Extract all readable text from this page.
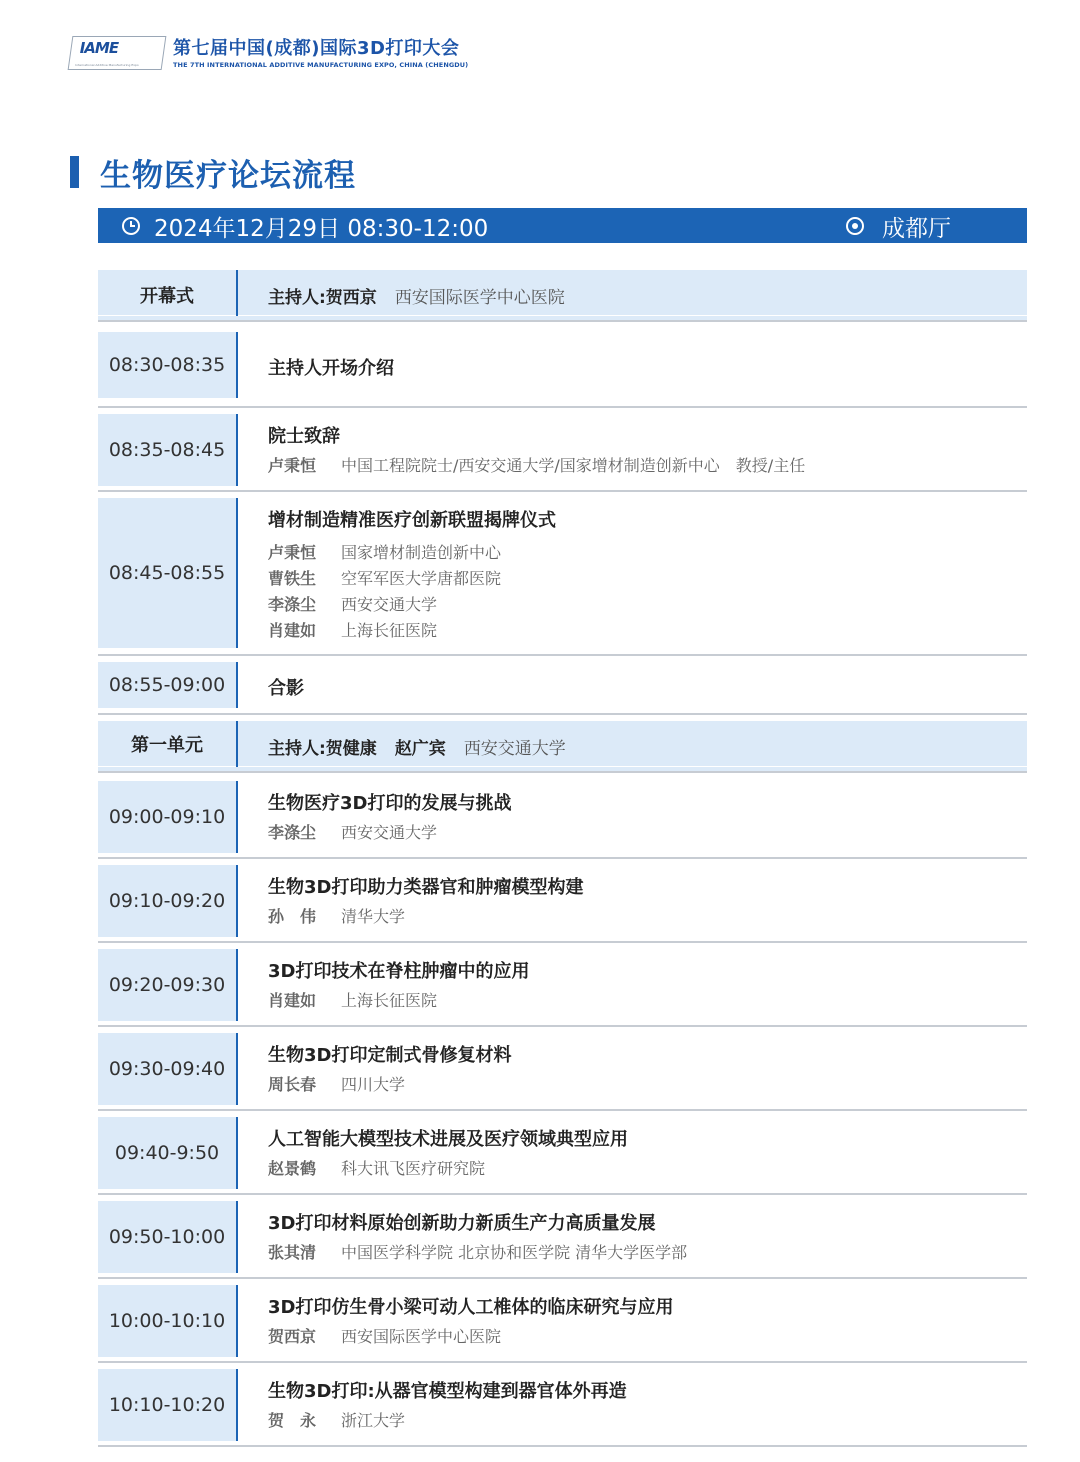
IAME
International Additive Manufacturing Expo
第七届中国(成都)国际3D打印大会
THE 7TH INTERNATIONAL ADDITIVE MANUFACTURING EXPO, CHINA (CHENGDU)
生物医疗论坛流程
2024年12月29日 08:30-12:00	成都厅
开幕式	主持人:贺西京 西安国际医学中心医院
08:30-08:35	主持人开场介绍
08:35-08:45
院士致辞
卢秉恒 中国工程院院士/西安交通大学/国家增材制造创新中心 教授/主任
08:45-08:55
增材制造精准医疗创新联盟揭牌仪式
卢秉恒 国家增材制造创新中心
曹铁生 空军军医大学唐都医院
李涤尘 西安交通大学
肖建如 上海长征医院
08:55-09:00	合影
第一单元	主持人:贺健康 赵广宾 西安交通大学
09:00-09:10
生物医疗3D打印的发展与挑战
李涤尘 西安交通大学
09:10-09:20
生物3D打印助力类器官和肿瘤模型构建
孙　伟 清华大学
09:20-09:30
3D打印技术在脊柱肿瘤中的应用
肖建如 上海长征医院
09:30-09:40
生物3D打印定制式骨修复材料
周长春 四川大学
09:40-9:50
人工智能大模型技术进展及医疗领域典型应用
赵景鹤 科大讯飞医疗研究院
09:50-10:00
3D打印材料原始创新助力新质生产力高质量发展
张其清 中国医学科学院 北京协和医学院 清华大学医学部
10:00-10:10
3D打印仿生骨小梁可动人工椎体的临床研究与应用
贺西京 西安国际医学中心医院
10:10-10:20
生物3D打印:从器官模型构建到器官体外再造
贺　永 浙江大学
